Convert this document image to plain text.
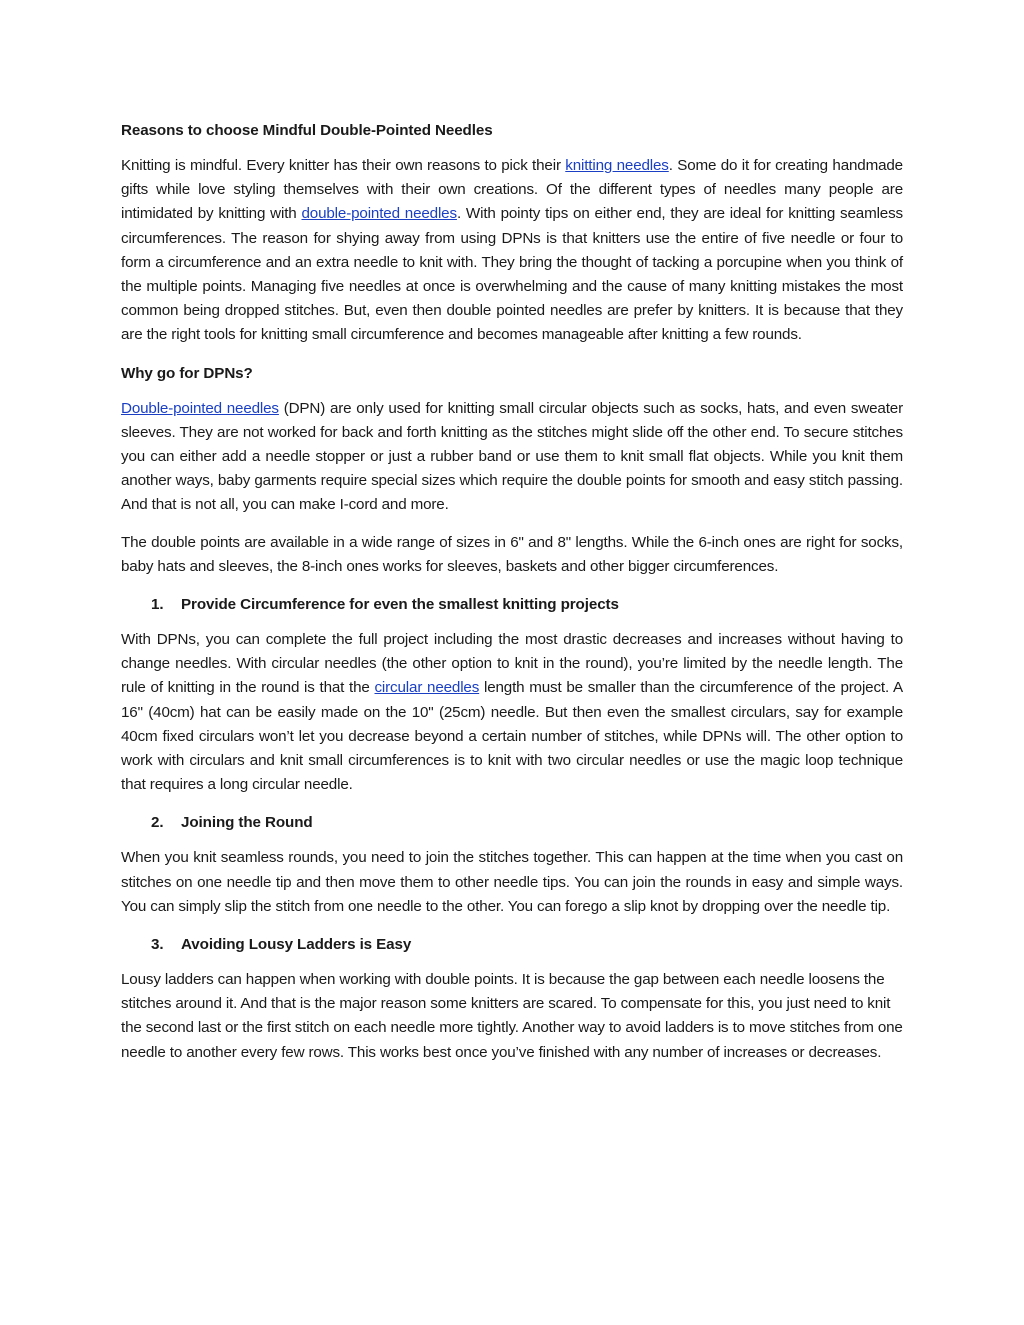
Reasons to choose Mindful Double-Pointed Needles

Knitting is mindful. Every knitter has their own reasons to pick their knitting needles. Some do it for creating handmade gifts while love styling themselves with their own creations. Of the different types of needles many people are intimidated by knitting with double-pointed needles. With pointy tips on either end, they are ideal for knitting seamless circumferences. The reason for shying away from using DPNs is that knitters use the entire of five needle or four to form a circumference and an extra needle to knit with. They bring the thought of tacking a porcupine when you think of the multiple points. Managing five needles at once is overwhelming and the cause of many knitting mistakes the most common being dropped stitches. But, even then double pointed needles are prefer by knitters. It is because that they are the right tools for knitting small circumference and becomes manageable after knitting a few rounds.

Why go for DPNs?

Double-pointed needles (DPN) are only used for knitting small circular objects such as socks, hats, and even sweater sleeves. They are not worked for back and forth knitting as the stitches might slide off the other end. To secure stitches you can either add a needle stopper or just a rubber band or use them to knit small flat objects. While you knit them another ways, baby garments require special sizes which require the double points for smooth and easy stitch passing. And that is not all, you can make I-cord and more.

The double points are available in a wide range of sizes in 6" and 8" lengths. While the 6-inch ones are right for socks, baby hats and sleeves, the 8-inch ones works for sleeves, baskets and other bigger circumferences.

1.	Provide Circumference for even the smallest knitting projects

With DPNs, you can complete the full project including the most drastic decreases and increases without having to change needles. With circular needles (the other option to knit in the round), you’re limited by the needle length. The rule of knitting in the round is that the circular needles length must be smaller than the circumference of the project. A 16" (40cm) hat can be easily made on the 10" (25cm) needle. But then even the smallest circulars, say for example 40cm fixed circulars won’t let you decrease beyond a certain number of stitches, while DPNs will. The other option to work with circulars and knit small circumferences is to knit with two circular needles or use the magic loop technique that requires a long circular needle.

2.	Joining the Round

When you knit seamless rounds, you need to join the stitches together. This can happen at the time when you cast on stitches on one needle tip and then move them to other needle tips. You can join the rounds in easy and simple ways. You can simply slip the stitch from one needle to the other. You can forego a slip knot by dropping over the needle tip.

3.	Avoiding Lousy Ladders is Easy

Lousy ladders can happen when working with double points. It is because the gap between each needle loosens the stitches around it. And that is the major reason some knitters are scared. To compensate for this, you just need to knit the second last or the first stitch on each needle more tightly. Another way to avoid ladders is to move stitches from one needle to another every few rows. This works best once you’ve finished with any number of increases or decreases.
